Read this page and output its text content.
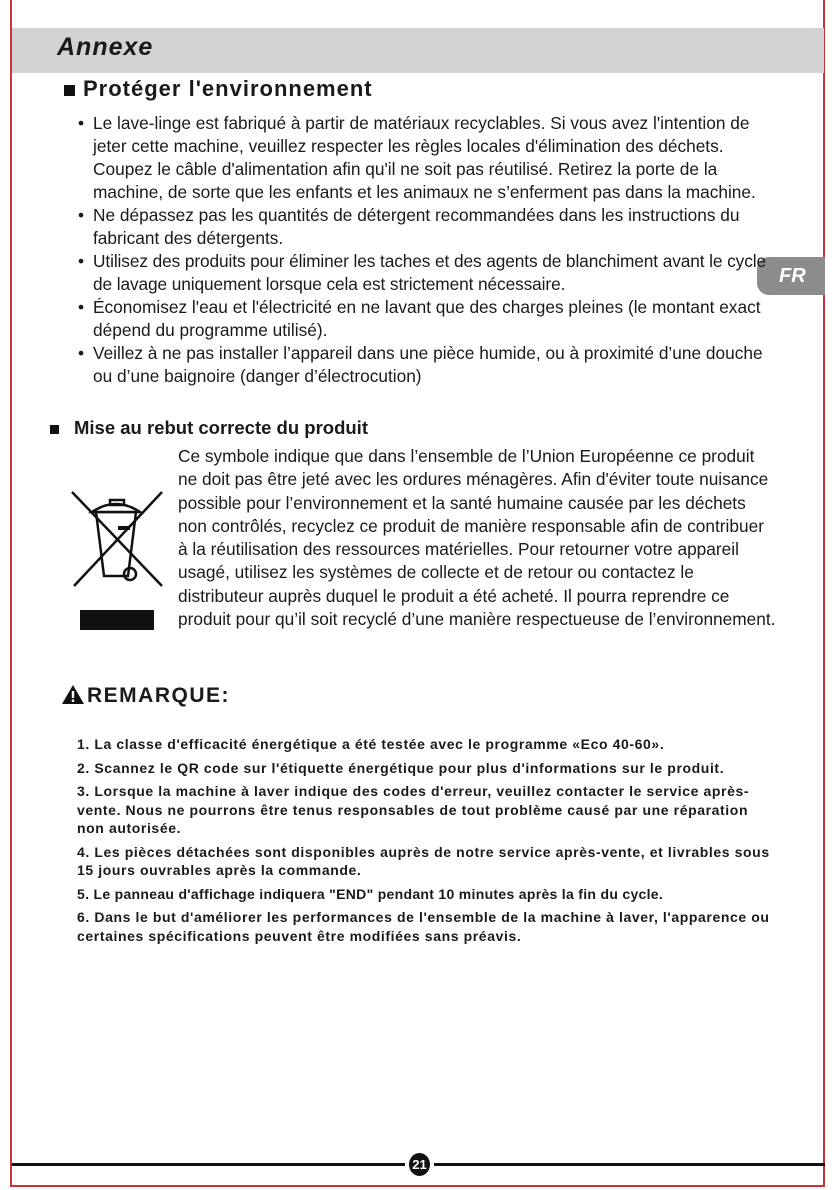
Annexe
FR
Protéger l'environnement
• Le lave-linge est fabriqué à partir de matériaux recyclables. Si vous avez l'intention de jeter cette machine, veuillez respecter les règles locales d'élimination des déchets. Coupez le câble d'alimentation afin qu'il ne soit pas réutilisé. Retirez la porte de la machine, de sorte que les enfants et les animaux ne s’enferment pas dans la machine.
• Ne dépassez pas les quantités de détergent recommandées dans les instructions du fabricant des détergents.
• Utilisez des produits pour éliminer les taches et des agents de blanchiment avant le cycle de lavage uniquement lorsque cela est strictement nécessaire.
• Économisez l'eau et l'électricité en ne lavant que des charges pleines (le montant exact dépend du programme utilisé).
• Veillez à ne pas installer l’appareil dans une pièce humide, ou à proximité d’une douche ou d’une baignoire (danger d’électrocution)
Mise au rebut correcte du produit
Ce symbole indique que dans l’ensemble de l’Union Européenne ce produit ne doit pas être jeté avec les ordures ménagères. Afin d'éviter toute nuisance possible pour l’environnement et la santé humaine causée par les déchets non contrôlés, recyclez ce produit de manière responsable afin de contribuer à la réutilisation des ressources matérielles. Pour retourner votre appareil usagé, utilisez les systèmes de collecte et de retour ou contactez le distributeur auprès duquel le produit a été acheté. Il pourra reprendre ce produit pour qu’il soit recyclé d’une manière respectueuse de l’environnement.
REMARQUE:

1. La classe d'efficacité énergétique a été testée avec le programme «Eco 40-60».

2. Scannez le QR code sur l'étiquette énergétique pour plus d'informations sur le produit.

3. Lorsque la machine à laver indique des codes d'erreur, veuillez contacter le service après-vente. Nous ne pourrons être tenus responsables de tout problème causé par une réparation non autorisée.

4. Les pièces détachées sont disponibles auprès de notre service après-vente, et livrables sous 15 jours ouvrables après la commande.

5. Le panneau d'affichage indiquera "END" pendant 10 minutes après la fin du cycle.

6. Dans le but d'améliorer les performances de l'ensemble de la machine à laver, l'apparence ou certaines spécifications peuvent être modifiées sans préavis.

21
